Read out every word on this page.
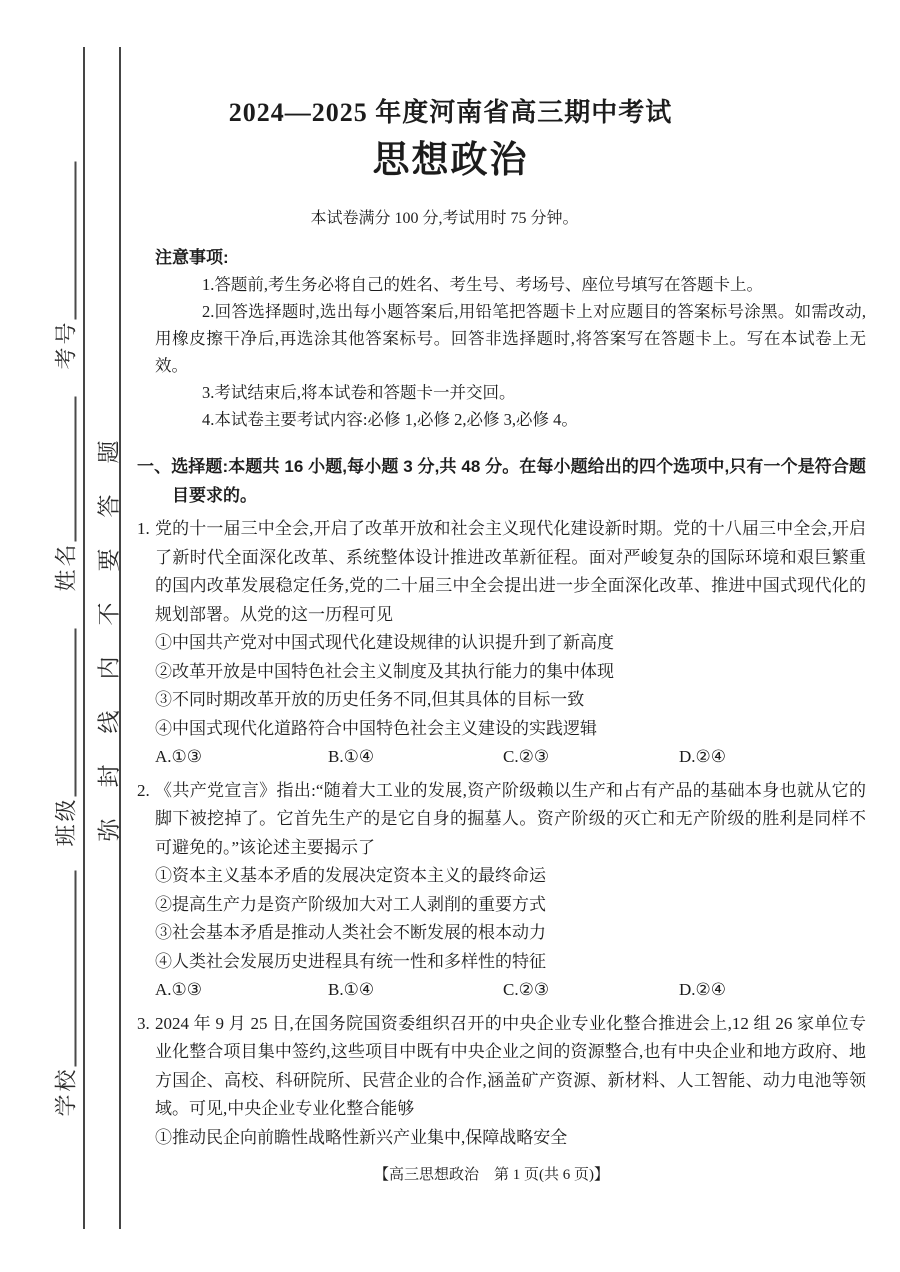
弥封线内不要答题
考号
姓名
班级
学校
2024—2025 年度河南省高三期中考试
思想政治
本试卷满分 100 分,考试用时 75 分钟。
注意事项:

1.答题前,考生务必将自己的姓名、考生号、考场号、座位号填写在答题卡上。

2.回答选择题时,选出每小题答案后,用铅笔把答题卡上对应题目的答案标号涂黑。如需改动,用橡皮擦干净后,再选涂其他答案标号。回答非选择题时,将答案写在答题卡上。写在本试卷上无效。

3.考试结束后,将本试卷和答题卡一并交回。

4.本试卷主要考试内容:必修 1,必修 2,必修 3,必修 4。

一、选择题:本题共 16 小题,每小题 3 分,共 48 分。在每小题给出的四个选项中,只有一个是符合题目要求的。
1. 党的十一届三中全会,开启了改革开放和社会主义现代化建设新时期。党的十八届三中全会,开启了新时代全面深化改革、系统整体设计推进改革新征程。面对严峻复杂的国际环境和艰巨繁重的国内改革发展稳定任务,党的二十届三中全会提出进一步全面深化改革、推进中国式现代化的规划部署。从党的这一历程可见
①中国共产党对中国式现代化建设规律的认识提升到了新高度
②改革开放是中国特色社会主义制度及其执行能力的集中体现
③不同时期改革开放的历史任务不同,但其具体的目标一致
④中国式现代化道路符合中国特色社会主义建设的实践逻辑
A.①③	B.①④	C.②③	D.②④
2. 《共产党宣言》指出:“随着大工业的发展,资产阶级赖以生产和占有产品的基础本身也就从它的脚下被挖掉了。它首先生产的是它自身的掘墓人。资产阶级的灭亡和无产阶级的胜利是同样不可避免的。”该论述主要揭示了
①资本主义基本矛盾的发展决定资本主义的最终命运
②提高生产力是资产阶级加大对工人剥削的重要方式
③社会基本矛盾是推动人类社会不断发展的根本动力
④人类社会发展历史进程具有统一性和多样性的特征
A.①③	B.①④	C.②③	D.②④
3. 2024 年 9 月 25 日,在国务院国资委组织召开的中央企业专业化整合推进会上,12 组 26 家单位专业化整合项目集中签约,这些项目中既有中央企业之间的资源整合,也有中央企业和地方政府、地方国企、高校、科研院所、民营企业的合作,涵盖矿产资源、新材料、人工智能、动力电池等领域。可见,中央企业专业化整合能够
①推动民企向前瞻性战略性新兴产业集中,保障战略安全
【高三思想政治　第 1 页(共 6 页)】
